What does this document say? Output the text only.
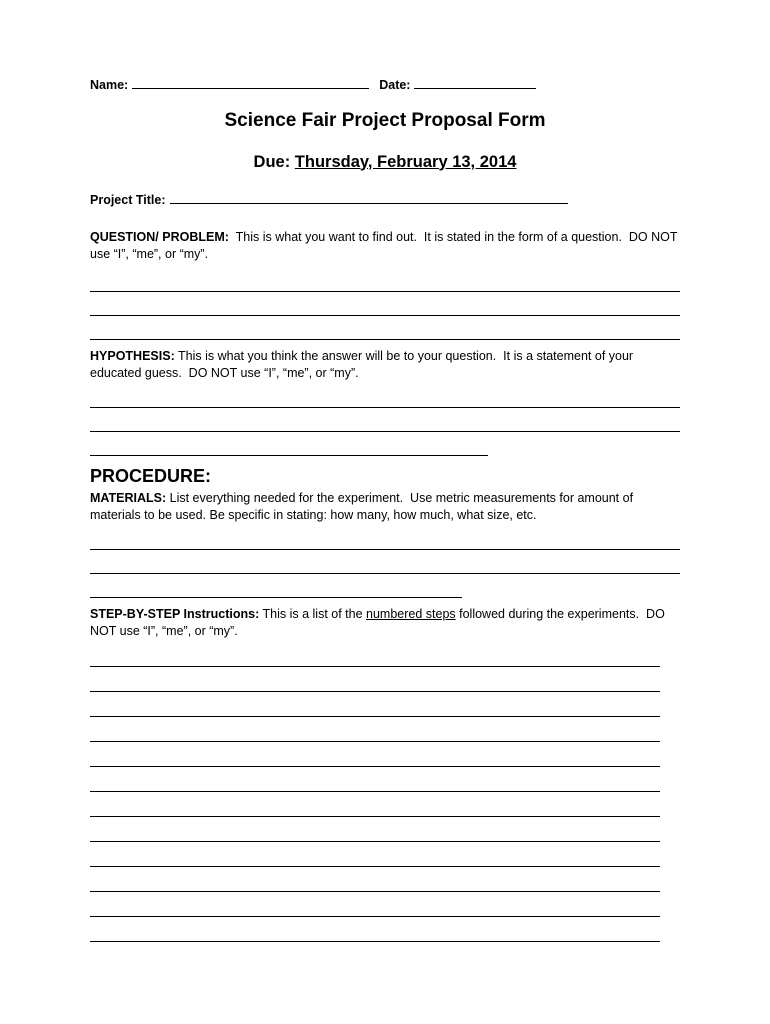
Name:	Date:

Science Fair Project Proposal Form
Due: Thursday, February 13, 2014

Project Title:

QUESTION/ PROBLEM:  This is what you want to find out.  It is stated in the form of a question.  DO NOT use “I”, “me”, or “my”.

HYPOTHESIS: This is what you think the answer will be to your question.  It is a statement of your educated guess.  DO NOT use “I”, “me”, or “my”.

PROCEDURE:

MATERIALS: List everything needed for the experiment.  Use metric measurements for amount of materials to be used. Be specific in stating: how many, how much, what size, etc.

STEP-BY-STEP Instructions: This is a list of the numbered steps followed during the experiments.  DO NOT use “I”, “me”, or “my”.
